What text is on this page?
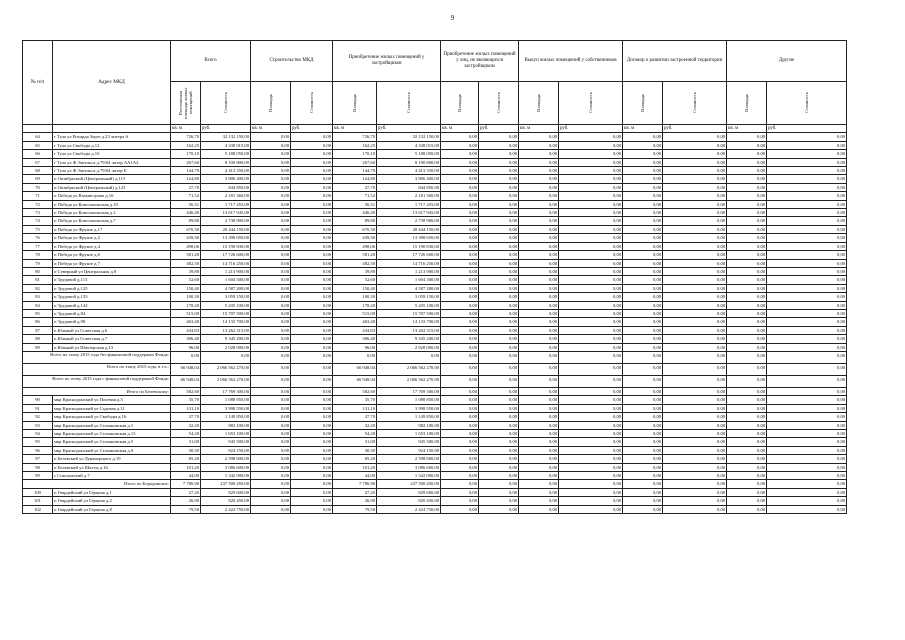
9
№ п/п	Адрес МКД	Всего		Строительство МКД		Приобретение жилых помещений у застройщиков		Приобретение жилых помещений у лиц, не являющихся застройщиком		Выкуп жилых помещений у собственников		Договор о развитии застроенной территории		Другие	

		Расселяемая площадь жилых помещений	Стоимость	Площадь	Стоимость	Площадь	Стоимость	Площадь	Стоимость	Площадь	Стоимость	Площадь	Стоимость	Площадь	Стоимость

		кв. м	руб.	кв. м	руб.	кв. м	руб.	кв. м	руб.	кв. м	руб.	кв. м	руб.	кв. м	руб.
64	г Тула ул Рихарда Зорге д.23 литера А	726,70	32 132 150,00	0,00	0,00	726,70	32 132 150,00	0,00	0,00	0,00	0,00	0,00	0,00	0,00	0,00
65	г Тула ул Свободы д.12	162,25	4 338 015,00	0,00	0,00	162,25	4 338 015,00	0,00	0,00	0,00	0,00	0,00	0,00	0,00	0,00
66	г Тула ул Свободы д.16	170,10	5 188 050,00	0,00	0,00	170,10	5 188 050,00	0,00	0,00	0,00	0,00	0,00	0,00	0,00	0,00
67	г Тула ул Ф.Энгельса д.79/64 литер АА1А2	267,60	8 100 800,00	0,00	0,00	267,60	8 100 800,00	0,00	0,00	0,00	0,00	0,00	0,00	0,00	0,00
68	г Тула ул Ф.Энгельса д.79/64 литер Б	144,70	4 413 350,00	0,00	0,00	144,70	4 413 350,00	0,00	0,00	0,00	0,00	0,00	0,00	0,00	0,00
69	п Октябрьский (Центральный) д.115	124,80	3 806 400,00	0,00	0,00	124,80	3 806 400,00	0,00	0,00	0,00	0,00	0,00	0,00	0,00	0,00
70	п Октябрьский (Центральный) д.123	27,70	844 850,00	0,00	0,00	27,70	844 850,00	0,00	0,00	0,00	0,00	0,00	0,00	0,00	0,00
71	п Победа ул Вахмистрова д.16	71,52	2 181 360,00	0,00	0,00	71,52	2 181 360,00	0,00	0,00	0,00	0,00	0,00	0,00	0,00	0,00
72	п Победа ул Комсомольская д.10	56,31	1 717 455,00	0,00	0,00	56,31	1 717 455,00	0,00	0,00	0,00	0,00	0,00	0,00	0,00	0,00
73	п Победа ул Комсомольская д.2	446,49	13 617 945,00	0,00	0,00	446,49	13 617 945,00	0,00	0,00	0,00	0,00	0,00	0,00	0,00	0,00
74	п Победа ул Комсомольская д.7	89,80	2 738 900,00	0,00	0,00	89,80	2 738 900,00	0,00	0,00	0,00	0,00	0,00	0,00	0,00	0,00
75	п Победа ул Фрунзе д.17	670,30	20 444 150,00	0,00	0,00	670,30	20 444 150,00	0,00	0,00	0,00	0,00	0,00	0,00	0,00	0,00
76	п Победа ул Фрунзе д.2	439,30	13 398 650,00	0,00	0,00	439,30	13 398 650,00	0,00	0,00	0,00	0,00	0,00	0,00	0,00	0,00
77	п Победа ул Фрунзе д.4	498,06	15 190 830,00	0,00	0,00	498,06	15 190 830,00	0,00	0,00	0,00	0,00	0,00	0,00	0,00	0,00
78	п Победа ул Фрунзе д.6	581,20	17 726 600,00	0,00	0,00	581,20	17 726 600,00	0,00	0,00	0,00	0,00	0,00	0,00	0,00	0,00
79	п Победа ул Фрунзе д.7	482,50	14 716 250,00	0,00	0,00	482,50	14 716 250,00	0,00	0,00	0,00	0,00	0,00	0,00	0,00	0,00
80	п Северный ул Центральная д.8	39,80	1 213 900,00	0,00	0,00	39,80	1 213 900,00	0,00	0,00	0,00	0,00	0,00	0,00	0,00	0,00
81	п Трудовой д.113	52,60	1 604 300,00	0,00	0,00	52,60	1 604 300,00	0,00	0,00	0,00	0,00	0,00	0,00	0,00	0,00
82	п Трудовой д.125	150,40	4 587 200,00	0,00	0,00	150,40	4 587 200,00	0,00	0,00	0,00	0,00	0,00	0,00	0,00	0,00
83	п Трудовой д.133	100,30	3 059 150,00	0,00	0,00	100,30	3 059 150,00	0,00	0,00	0,00	0,00	0,00	0,00	0,00	0,00
84	п Трудовой д.142	178,20	5 435 100,00	0,00	0,00	178,20	5 435 100,00	0,00	0,00	0,00	0,00	0,00	0,00	0,00	0,00
85	п Трудовой д.84	515,00	15 707 500,00	0,00	0,00	515,00	15 707 500,00	0,00	0,00	0,00	0,00	0,00	0,00	0,00	0,00
86	п Трудовой д.98	463,40	14 133 700,00	0,00	0,00	463,40	14 133 700,00	0,00	0,00	0,00	0,00	0,00	0,00	0,00	0,00
87	п Южный ул Советская д.6	434,83	13 262 315,00	0,00	0,00	434,83	13 262 315,00	0,00	0,00	0,00	0,00	0,00	0,00	0,00	0,00
88	п Южный ул Советская д.7	306,40	9 345 200,00	0,00	0,00	306,40	9 345 200,00	0,00	0,00	0,00	0,00	0,00	0,00	0,00	0,00
89	п Южный ул Шахтерская д.13	96,00	2 928 000,00	0,00	0,00	96,00	2 928 000,00	0,00	0,00	0,00	0,00	0,00	0,00	0,00	0,00
Всего по этапу 2015 года без финансовой поддержки Фонда:		0,00	0,00	0,00	0,00	0,00	0,00	0,00	0,00	0,00	0,00	0,00	0,00	0,00	0,00
Всего по этапу 2015 года, в т.ч.:		66 948,04	2 066 562 270,00	0,00	0,00	66 948,04	2 066 562 270,00	0,00	0,00	0,00	0,00	0,00	0,00	0,00	0,00
Всего по этапу 2015 года с финансовой поддержкой Фонда:		66 948,04	2 066 562 270,00	0,00	0,00	66 948,04	2 066 562 270,00	0,00	0,00	0,00	0,00	0,00	0,00	0,00	0,00
Итого по Белевскому:		582,60	17 769 300,00	0,00	0,00	582,60	17 769 300,00	0,00	0,00	0,00	0,00	0,00	0,00	0,00	0,00
90	мкр Краснодонский ул Полевая д.3	35,70	1 088 850,00	0,00	0,00	35,70	1 088 850,00	0,00	0,00	0,00	0,00	0,00	0,00	0,00	0,00
91	мкр Краснодонский ул Садовая д.11	131,10	3 998 550,00	0,00	0,00	131,10	3 998 550,00	0,00	0,00	0,00	0,00	0,00	0,00	0,00	0,00
92	мкр Краснодонский ул Свободы д.16	37,70	1 149 850,00	0,00	0,00	37,70	1 149 850,00	0,00	0,00	0,00	0,00	0,00	0,00	0,00	0,00
93	мкр Краснодонский ул Стахановская д.1	32,20	982 100,00	0,00	0,00	32,20	982 100,00	0,00	0,00	0,00	0,00	0,00	0,00	0,00	0,00
94	мкр Краснодонский ул Стахановская д.13	54,20	1 653 100,00	0,00	0,00	54,20	1 653 100,00	0,00	0,00	0,00	0,00	0,00	0,00	0,00	0,00
95	мкр Краснодонский ул Стахановская д.5	31,00	945 500,00	0,00	0,00	31,00	945 500,00	0,00	0,00	0,00	0,00	0,00	0,00	0,00	0,00
96	мкр Краснодонский ул Стахановская д.9	30,30	924 150,00	0,00	0,00	30,30	924 150,00	0,00	0,00	0,00	0,00	0,00	0,00	0,00	0,00
97	п Белевский ул Луначарского д.19	85,20	2 598 600,00	0,00	0,00	85,20	2 598 600,00	0,00	0,00	0,00	0,00	0,00	0,00	0,00	0,00
98	п Белевский ул Шахты д.16	101,20	3 086 600,00	0,00	0,00	101,20	3 086 600,00	0,00	0,00	0,00	0,00	0,00	0,00	0,00	0,00
99	с Соколовский д.7	44,00	1 342 000,00	0,00	0,00	44,00	1 342 000,00	0,00	0,00	0,00	0,00	0,00	0,00	0,00	0,00
Итого по Бородинское:		7 786,90	237 500 450,00	0,00	0,00	7 786,90	237 500 450,00	0,00	0,00	0,00	0,00	0,00	0,00	0,00	0,00
100	п Гвардейский ул Герцена д.1	27,20	829 600,00	0,00	0,00	27,20	829 600,00	0,00	0,00	0,00	0,00	0,00	0,00	0,00	0,00
101	п Гвардейский ул Герцена д.2	26,90	820 450,00	0,00	0,00	26,90	820 450,00	0,00	0,00	0,00	0,00	0,00	0,00	0,00	0,00
102	п Гвардейский ул Герцена д.8	79,50	2 424 750,00	0,00	0,00	79,50	2 424 750,00	0,00	0,00	0,00	0,00	0,00	0,00	0,00	0,00
